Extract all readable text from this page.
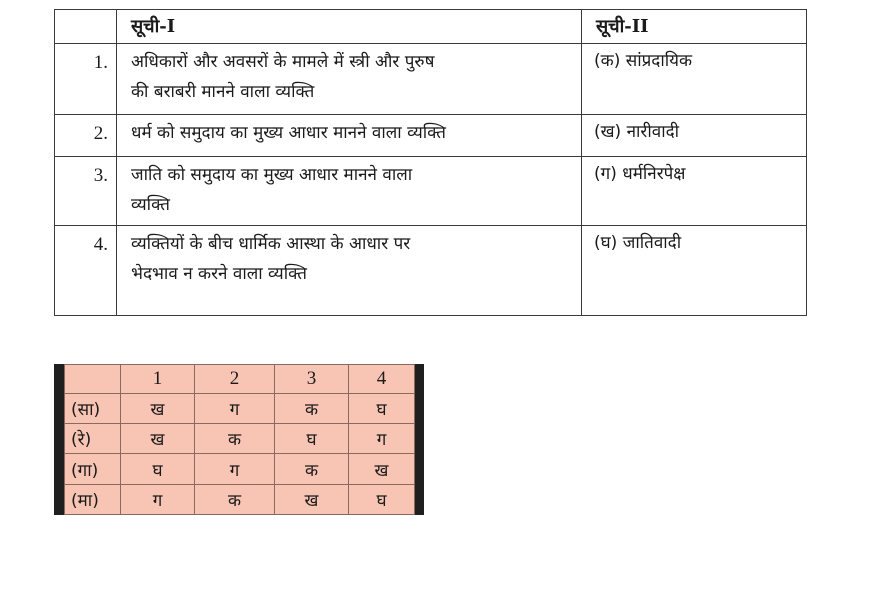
	सूची-I	सूची-II
1.	अधिकारों और अवसरों के मामले में स्त्री और पुरुष
की बराबरी मानने वाला व्यक्ति	(क) सांप्रदायिक
2.	धर्म को समुदाय का मुख्य आधार मानने वाला व्यक्ति	(ख) नारीवादी
3.	जाति को समुदाय का मुख्य आधार मानने वाला
व्यक्ति	(ग) धर्मनिरपेक्ष
4.	व्यक्तियों के बीच धार्मिक आस्था के आधार पर
भेदभाव न करने वाला व्यक्ति	(घ) जातिवादी
	1	2	3	4
(सा)	ख	ग	क	घ
(रे)	ख	क	घ	ग
(गा)	घ	ग	क	ख
(मा)	ग	क	ख	घ
